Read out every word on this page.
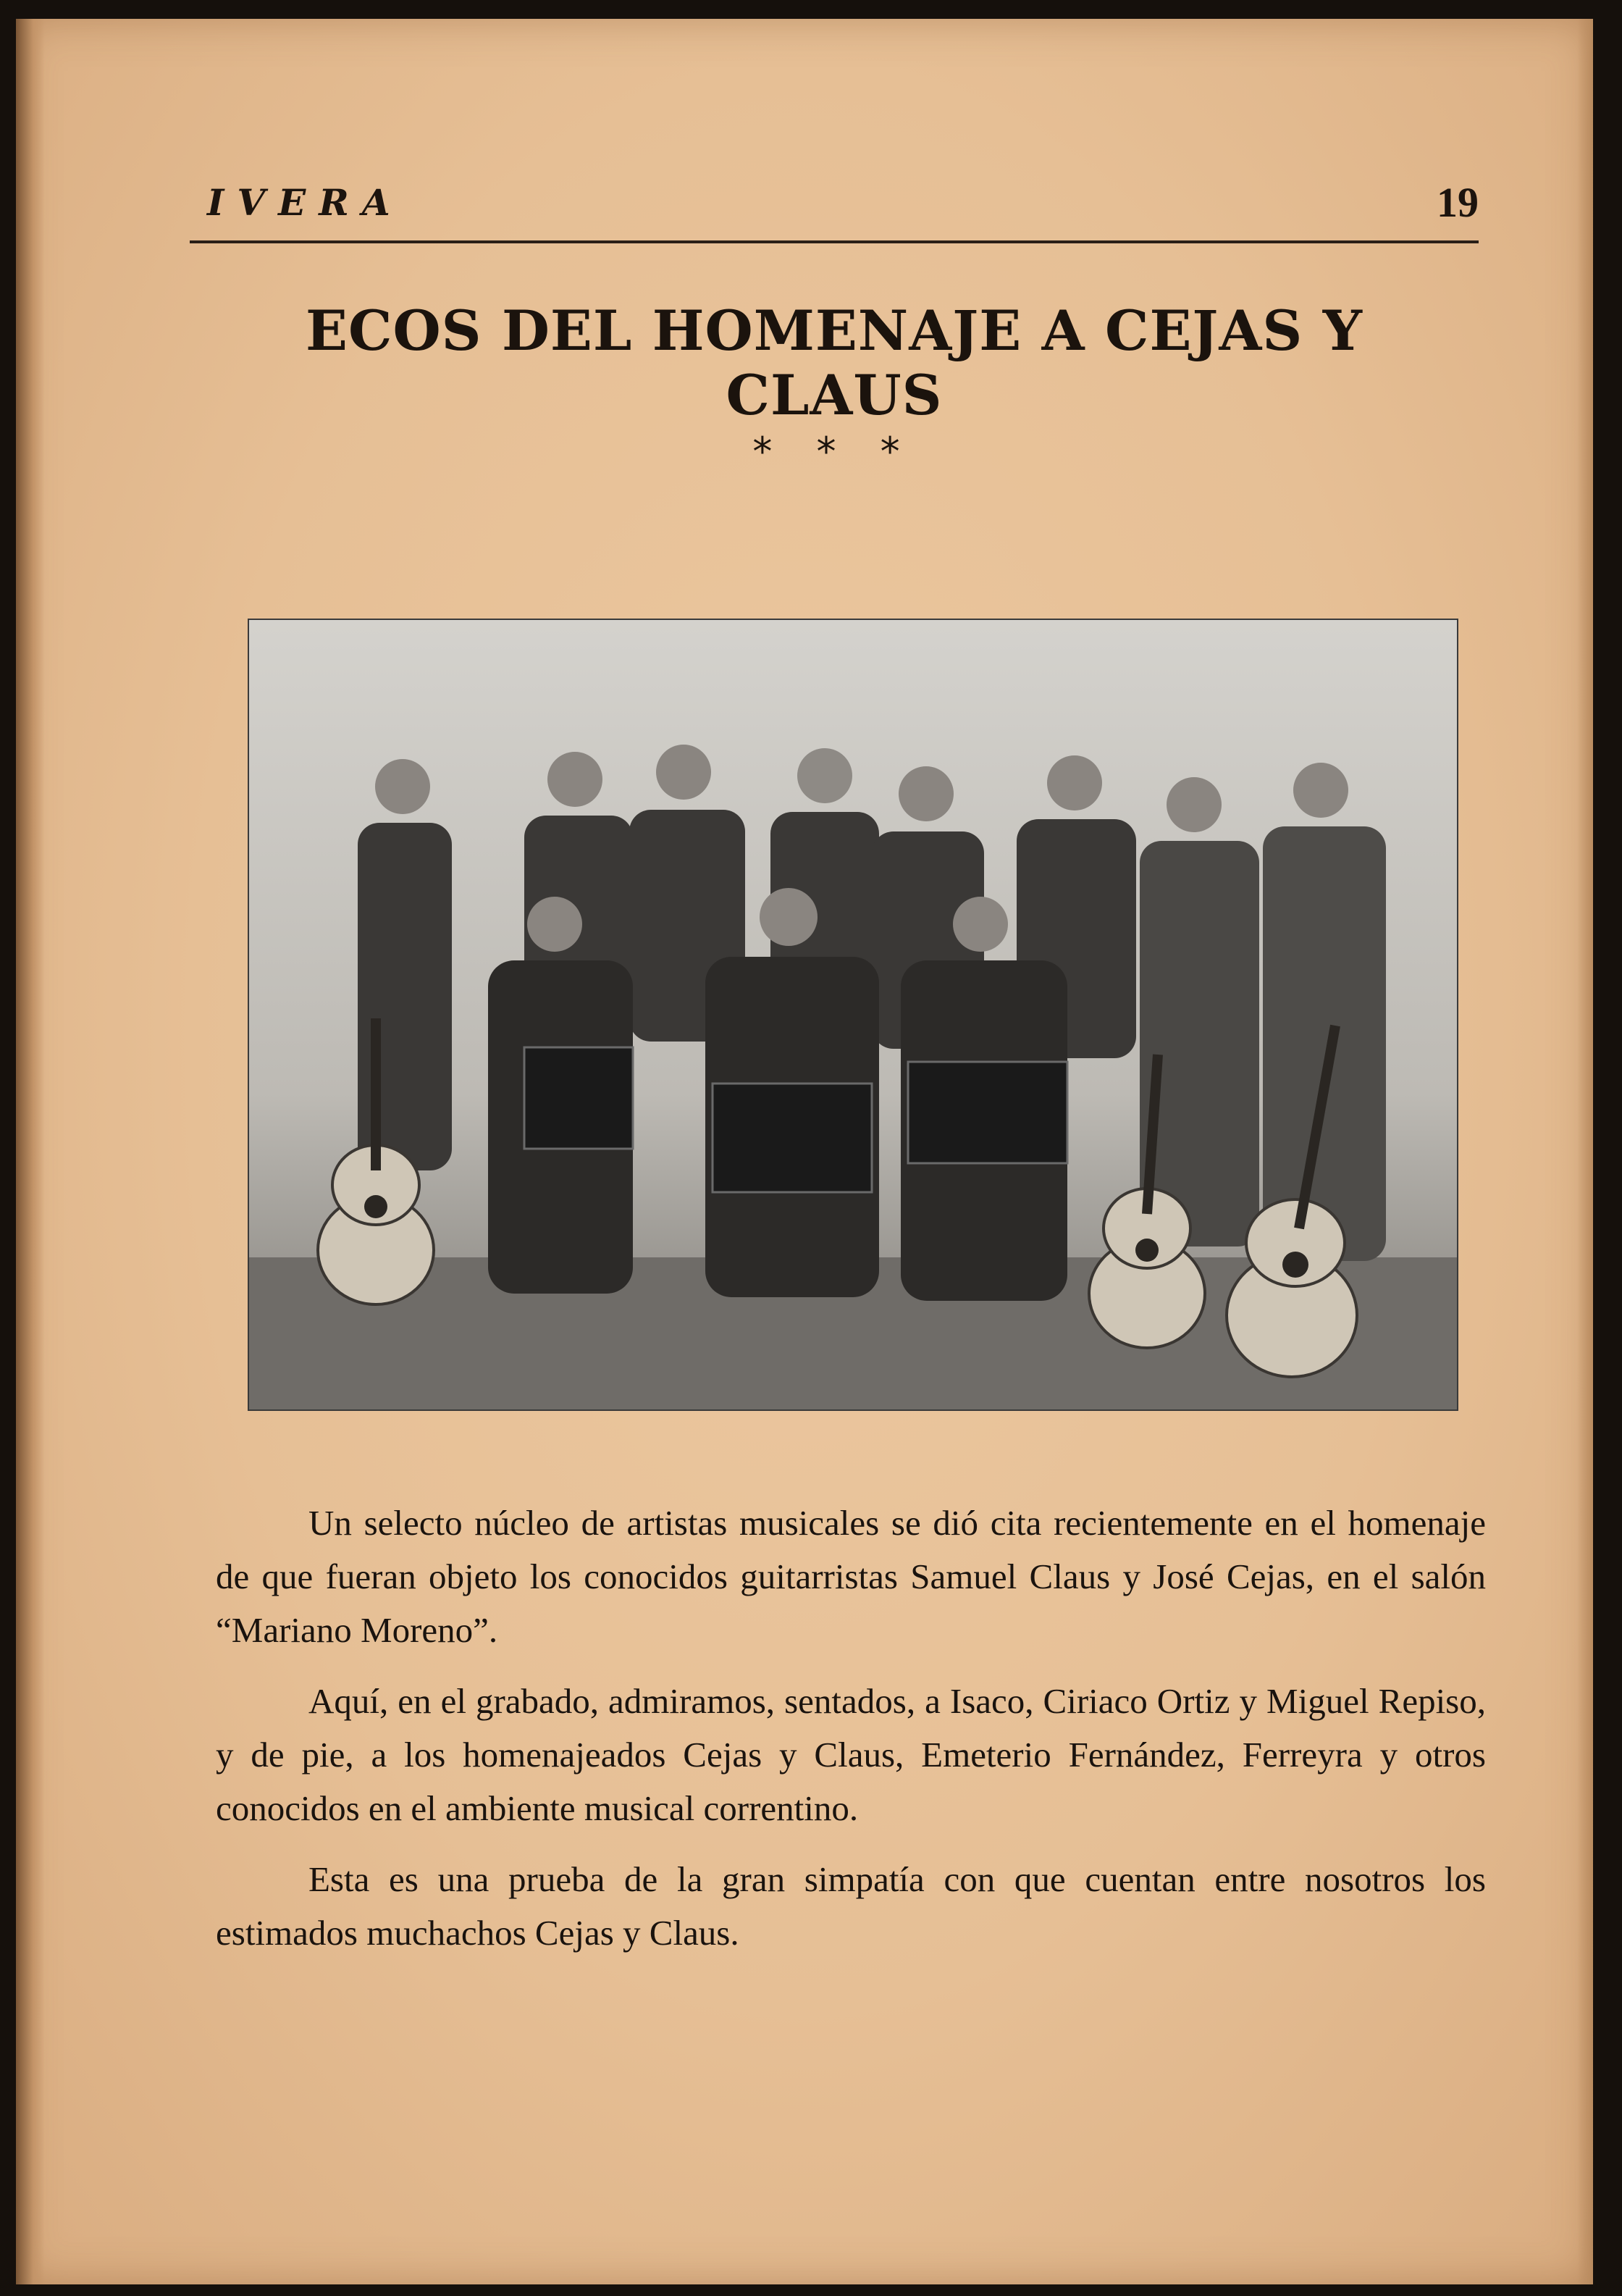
IVERA	19
ECOS DEL HOMENAJE A CEJAS Y CLAUS
* * *

Un selecto núcleo de artistas musicales se dió cita recientemente en el homenaje de que fueran objeto los conocidos guitarristas Samuel Claus y José Cejas, en el salón “Mariano Moreno”.

Aquí, en el grabado, admiramos, sentados, a Isaco, Ciriaco Ortiz y Miguel Repiso, y de pie, a los homenajeados Cejas y Claus, Emeterio Fernández, Ferreyra y otros conocidos en el ambiente musical correntino.

Esta es una prueba de la gran simpatía con que cuentan entre nosotros los estimados muchachos Cejas y Claus.
